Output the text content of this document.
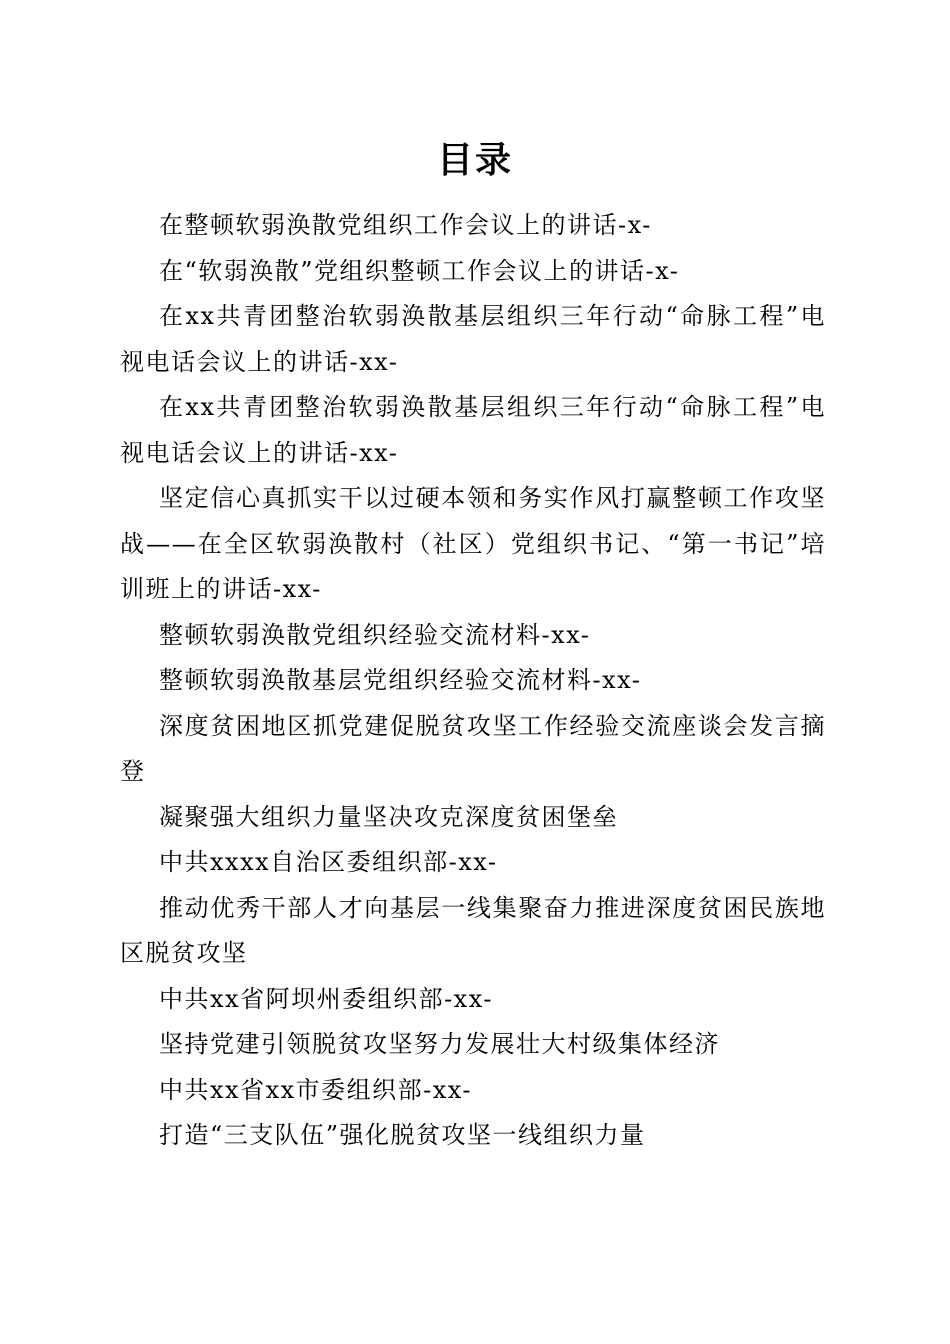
目录

在整顿软弱涣散党组织工作会议上的讲话-x-

在“软弱涣散”党组织整顿工作会议上的讲话-x-

在xx共青团整治软弱涣散基层组织三年行动“命脉工程”电视电话会议上的讲话-xx-

在xx共青团整治软弱涣散基层组织三年行动“命脉工程”电视电话会议上的讲话-xx-

坚定信心真抓实干以过硬本领和务实作风打赢整顿工作攻坚战——在全区软弱涣散村（社区）党组织书记、“第一书记”培训班上的讲话-xx-

整顿软弱涣散党组织经验交流材料-xx-

整顿软弱涣散基层党组织经验交流材料-xx-

深度贫困地区抓党建促脱贫攻坚工作经验交流座谈会发言摘登

凝聚强大组织力量坚决攻克深度贫困堡垒

中共xxxx自治区委组织部-xx-

推动优秀干部人才向基层一线集聚奋力推进深度贫困民族地区脱贫攻坚

中共xx省阿坝州委组织部-xx-

坚持党建引领脱贫攻坚努力发展壮大村级集体经济

中共xx省xx市委组织部-xx-

打造“三支队伍”强化脱贫攻坚一线组织力量
